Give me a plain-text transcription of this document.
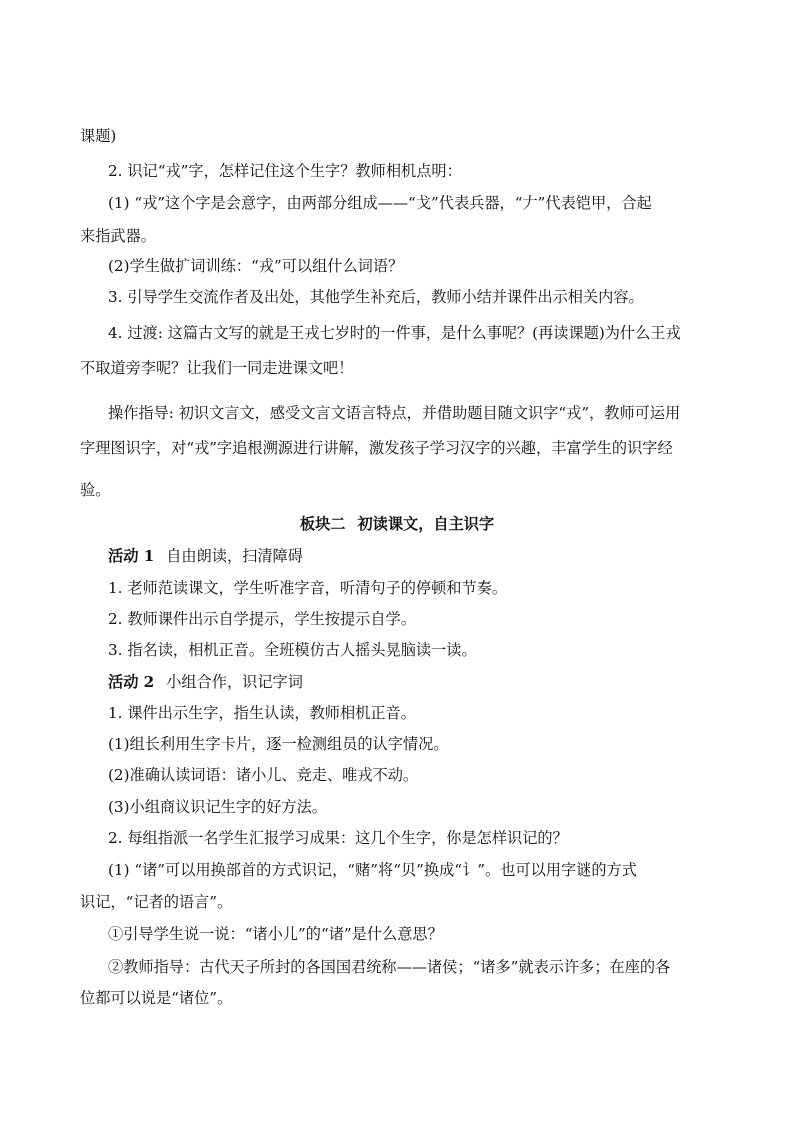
课题)
2. 识记“戎”字，怎样记住这个生字？教师相机点明：
(1) “戎”这个字是会意字，由两部分组成——“戈”代表兵器，“𠂇”代表铠甲，合起
来指武器。
(2)学生做扩词训练：“戎”可以组什么词语？
3. 引导学生交流作者及出处，其他学生补充后，教师小结并课件出示相关内容。
4. 过渡: 这篇古文写的就是王戎七岁时的一件事，是什么事呢？(再读课题)为什么王戎
不取道旁李呢？让我们一同走进课文吧！
操作指导: 初识文言文，感受文言文语言特点，并借助题目随文识字“戎”，教师可运用
字理图识字，对“戎”字追根溯源进行讲解，激发孩子学习汉字的兴趣，丰富学生的识字经
验。
板块二 初读课文，自主识字
活动 1 自由朗读，扫清障碍
1. 老师范读课文，学生听准字音，听清句子的停顿和节奏。
2. 教师课件出示自学提示，学生按提示自学。
3. 指名读，相机正音。全班模仿古人摇头晃脑读一读。
活动 2 小组合作，识记字词
1. 课件出示生字，指生认读，教师相机正音。
(1)组长利用生字卡片，逐一检测组员的认字情况。
(2)准确认读词语：诸小儿、竞走、唯戎不动。
(3)小组商议识记生字的好方法。
2. 每组指派一名学生汇报学习成果：这几个生字，你是怎样识记的？
(1) “诸”可以用换部首的方式识记，“赌”将“贝”换成“讠”。也可以用字谜的方式
识记，“记者的语言”。
①引导学生说一说：“诸小儿”的“诸”是什么意思？
②教师指导：古代天子所封的各国国君统称——诸侯；“诸多”就表示许多；在座的各
位都可以说是“诸位”。
